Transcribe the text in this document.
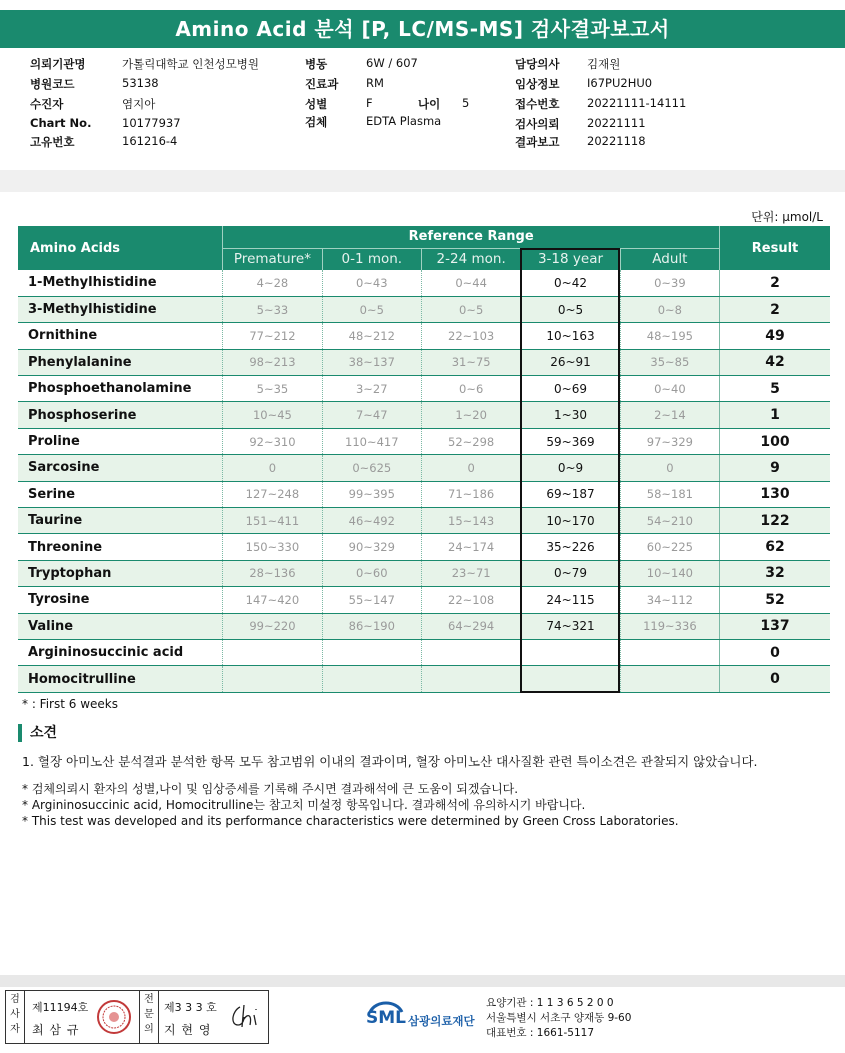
Amino Acid 분석 [P, LC/MS-MS] 검사결과보고서
의뢰기관명	가톨릭대학교 인천성모병원
병원코드	53138
수진자	염지아
Chart No.	10177937
고유번호	161216-4
병동	6W / 607
진료과 RM
성별	F	나이 5
검체	EDTA Plasma
담당의사 김재원
임상정보 I67PU2HU0
접수번호 20221111-14111
검사의뢰 20221111
결과보고 20221118
단위: μmol/L
Amino Acids	Reference Range					Result
	Premature*	0-1 mon.	2-24 mon.	3-18 year	Adult	
1-Methylhistidine	4~28	0~43	0~44	0~42	0~39	2
3-Methylhistidine	5~33	0~5	0~5	0~5	0~8	2
Ornithine	77~212	48~212	22~103	10~163	48~195	49
Phenylalanine	98~213	38~137	31~75	26~91	35~85	42
Phosphoethanolamine	5~35	3~27	0~6	0~69	0~40	5
Phosphoserine	10~45	7~47	1~20	1~30	2~14	1
Proline	92~310	110~417	52~298	59~369	97~329	100
Sarcosine	0	0~625	0	0~9	0	9
Serine	127~248	99~395	71~186	69~187	58~181	130
Taurine	151~411	46~492	15~143	10~170	54~210	122
Threonine	150~330	90~329	24~174	35~226	60~225	62
Tryptophan	28~136	0~60	23~71	0~79	10~140	32
Tyrosine	147~420	55~147	22~108	24~115	34~112	52
Valine	99~220	86~190	64~294	74~321	119~336	137
Argininosuccinic acid						0
Homocitrulline						0
* : First 6 weeks
소견
1. 혈장 아미노산 분석결과 분석한 항목 모두 참고범위 이내의 결과이며, 혈장 아미노산 대사질환 관련 특이소견은 관찰되지 않았습니다.
* 검체의뢰시 환자의 성별,나이 및 임상증세를 기록해 주시면 결과해석에 큰 도움이 되겠습니다.
* Argininosuccinic acid, Homocitrulline는 참고치 미설정 항목입니다. 결과해석에 유의하시기 바랍니다.
* This test was developed and its performance characteristics were determined by Green Cross Laboratories.
검
사
자
제11194호
최 삼 규
전
문
의
제3 3 3 호
지 현 영
SML 삼광의료재단
요양기관 : 1 1 3 6 5 2 0 0
서울특별시 서초구 양재동 9-60
대표번호 : 1661-5117
